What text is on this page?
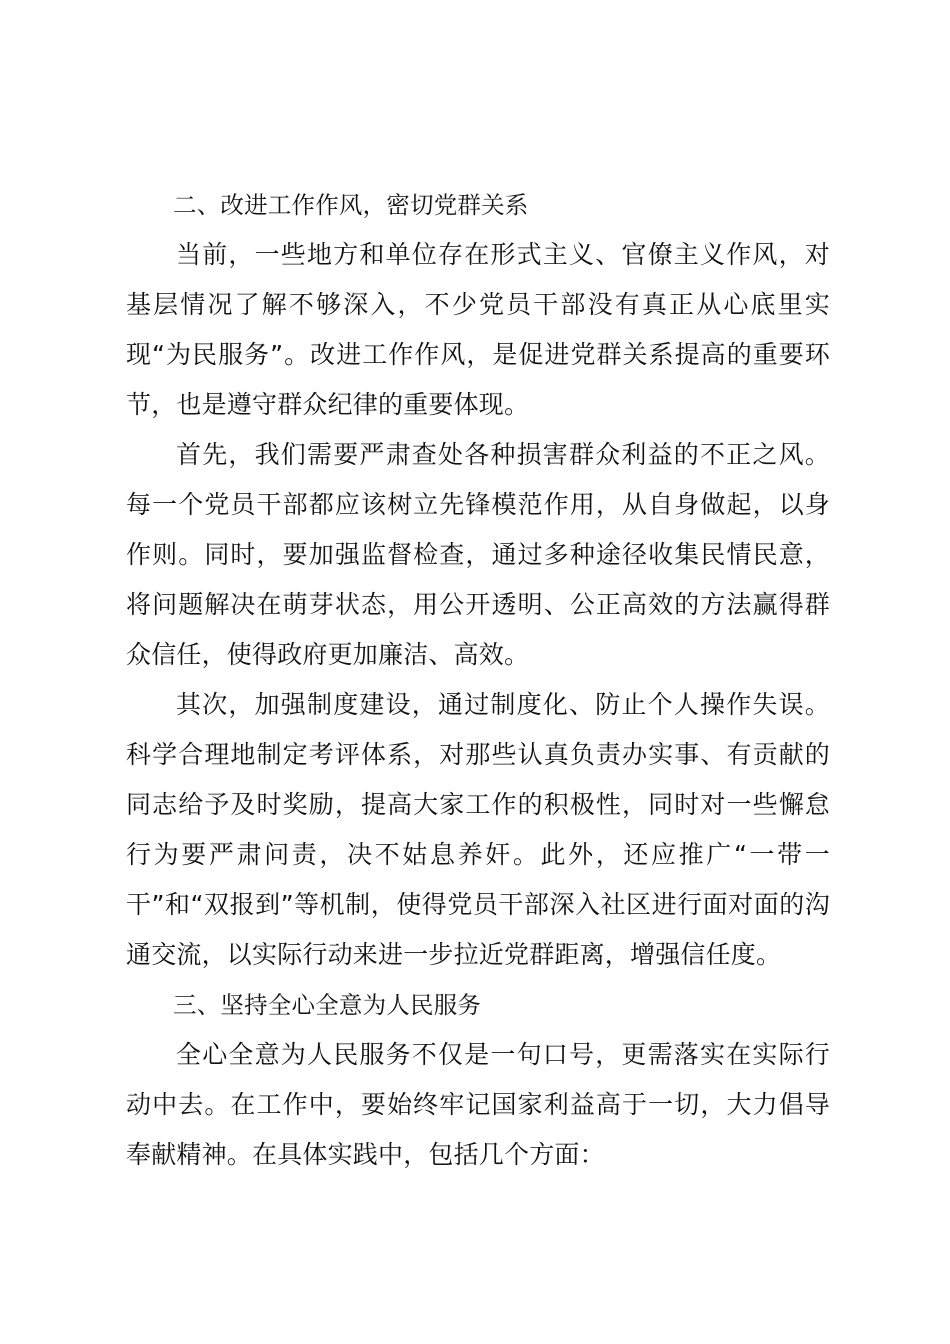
二、改进工作作风，密切党群关系

当前，一些地方和单位存在形式主义、官僚主义作风，对基层情况了解不够深入，不少党员干部没有真正从心底里实现“为民服务”。改进工作作风，是促进党群关系提高的重要环节，也是遵守群众纪律的重要体现。

首先，我们需要严肃查处各种损害群众利益的不正之风。每一个党员干部都应该树立先锋模范作用，从自身做起，以身作则。同时，要加强监督检查，通过多种途径收集民情民意，将问题解决在萌芽状态，用公开透明、公正高效的方法赢得群众信任，使得政府更加廉洁、高效。

其次，加强制度建设，通过制度化、防止个人操作失误。科学合理地制定考评体系，对那些认真负责办实事、有贡献的同志给予及时奖励，提高大家工作的积极性，同时对一些懈怠行为要严肃问责，决不姑息养奸。此外，还应推广“一带一干”和“双报到”等机制，使得党员干部深入社区进行面对面的沟通交流，以实际行动来进一步拉近党群距离，增强信任度。

三、坚持全心全意为人民服务

全心全意为人民服务不仅是一句口号，更需落实在实际行动中去。在工作中，要始终牢记国家利益高于一切，大力倡导奉献精神。在具体实践中，包括几个方面：
